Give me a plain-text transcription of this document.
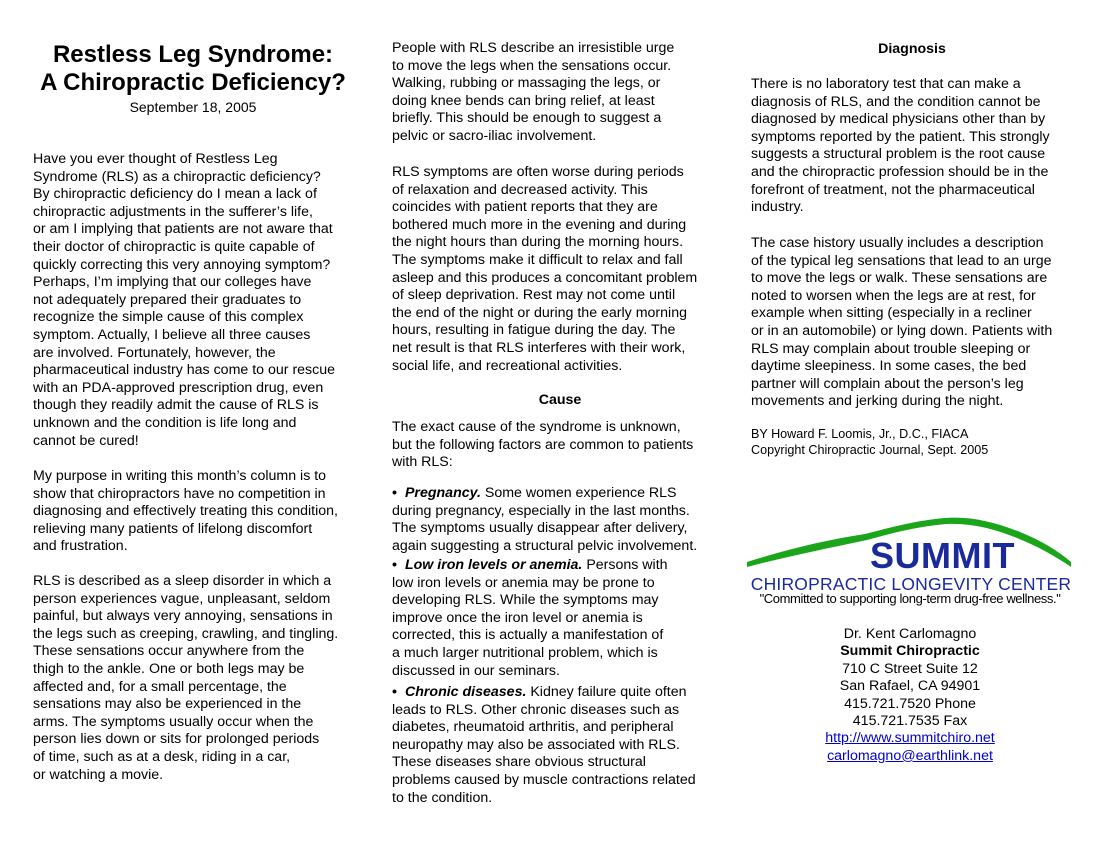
Restless Leg Syndrome:
A Chiropractic Deficiency?
September 18, 2005
Have you ever thought of Restless Leg
Syndrome (RLS) as a chiropractic deficiency?
By chiropractic deficiency do I mean a lack of
chiropractic adjustments in the sufferer’s life,
or am I implying that patients are not aware that
their doctor of chiropractic is quite capable of
quickly correcting this very annoying symptom?
Perhaps, I’m implying that our colleges have
not adequately prepared their graduates to
recognize the simple cause of this complex
symptom. Actually, I believe all three causes
are involved. Fortunately, however, the
pharmaceutical industry has come to our rescue
with an PDA-approved prescription drug, even
though they readily admit the cause of RLS is
unknown and the condition is life long and
cannot be cured!
My purpose in writing this month’s column is to
show that chiropractors have no competition in
diagnosing and effectively treating this condition,
relieving many patients of lifelong discomfort
and frustration.
RLS is described as a sleep disorder in which a
person experiences vague, unpleasant, seldom
painful, but always very annoying, sensations in
the legs such as creeping, crawling, and tingling.
These sensations occur anywhere from the
thigh to the ankle. One or both legs may be
affected and, for a small percentage, the
sensations may also be experienced in the
arms. The symptoms usually occur when the
person lies down or sits for prolonged periods
of time, such as at a desk, riding in a car,
or watching a movie.
People with RLS describe an irresistible urge
to move the legs when the sensations occur.
Walking, rubbing or massaging the legs, or
doing knee bends can bring relief, at least
briefly. This should be enough to suggest a
pelvic or sacro-iliac involvement.
RLS symptoms are often worse during periods
of relaxation and decreased activity. This
coincides with patient reports that they are
bothered much more in the evening and during
the night hours than during the morning hours.
The symptoms make it difficult to relax and fall
asleep and this produces a concomitant problem
of sleep deprivation. Rest may not come until
the end of the night or during the early morning
hours, resulting in fatigue during the day. The
net result is that RLS interferes with their work,
social life, and recreational activities.
Cause
The exact cause of the syndrome is unknown,
but the following factors are common to patients
with RLS:
• Pregnancy. Some women experience RLS
during pregnancy, especially in the last months.
The symptoms usually disappear after delivery,
again suggesting a structural pelvic involvement.
• Low iron levels or anemia. Persons with
low iron levels or anemia may be prone to
developing RLS. While the symptoms may
improve once the iron level or anemia is
corrected, this is actually a manifestation of
a much larger nutritional problem, which is
discussed in our seminars.
• Chronic diseases. Kidney failure quite often
leads to RLS. Other chronic diseases such as
diabetes, rheumatoid arthritis, and peripheral
neuropathy may also be associated with RLS.
These diseases share obvious structural
problems caused by muscle contractions related
to the condition.
Diagnosis
There is no laboratory test that can make a
diagnosis of RLS, and the condition cannot be
diagnosed by medical physicians other than by
symptoms reported by the patient. This strongly
suggests a structural problem is the root cause
and the chiropractic profession should be in the
forefront of treatment, not the pharmaceutical
industry.
The case history usually includes a description
of the typical leg sensations that lead to an urge
to move the legs or walk. These sensations are
noted to worsen when the legs are at rest, for
example when sitting (especially in a recliner
or in an automobile) or lying down. Patients with
RLS may complain about trouble sleeping or
daytime sleepiness. In some cases, the bed
partner will complain about the person’s leg
movements and jerking during the night.
BY Howard F. Loomis, Jr., D.C., FIACA
Copyright Chiropractic Journal, Sept. 2005
SUMMIT
CHIROPRACTIC LONGEVITY CENTER
"Committed to supporting long-term drug-free wellness."
Dr. Kent Carlomagno
Summit Chiropractic
710 C Street Suite 12
San Rafael, CA 94901
415.721.7520 Phone
415.721.7535 Fax
http://www.summitchiro.net
carlomagno@earthlink.net
